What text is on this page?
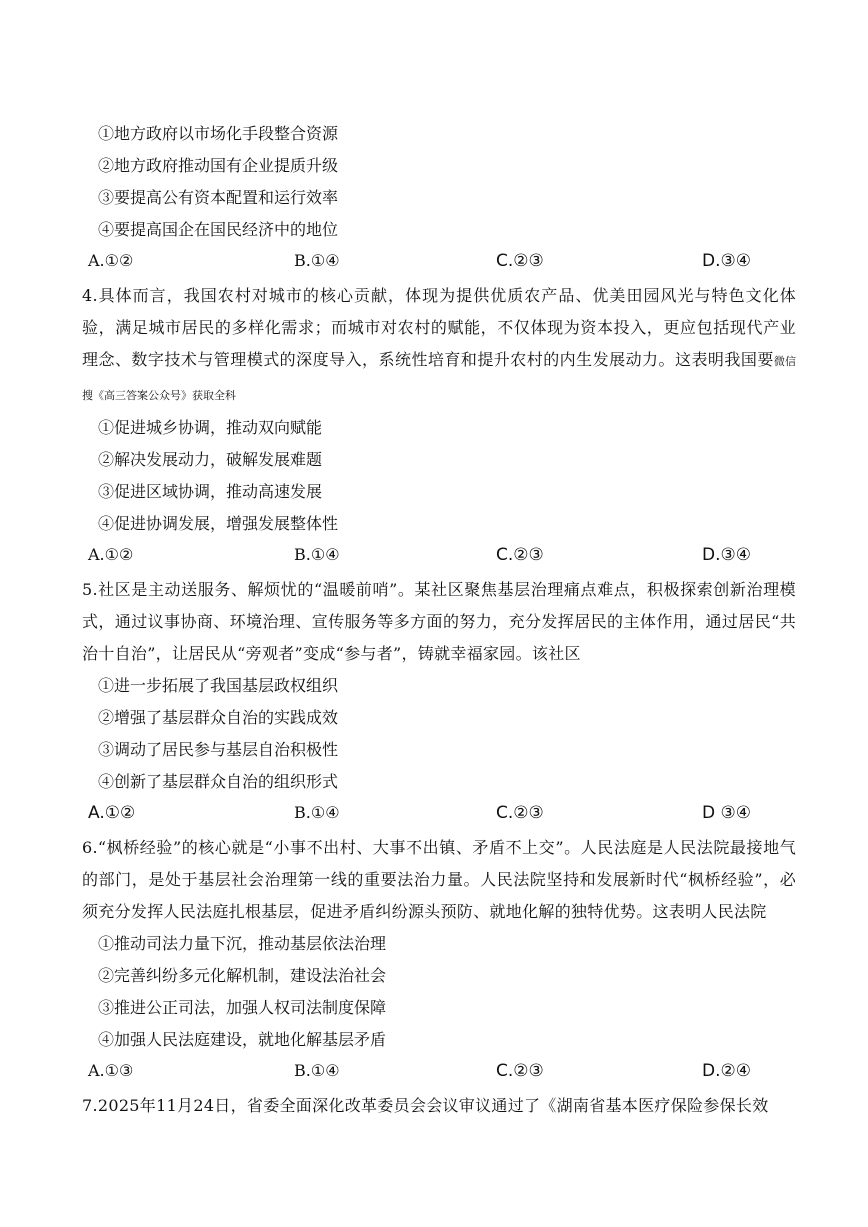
①地方政府以市场化手段整合资源
②地方政府推动国有企业提质升级
③要提高公有资本配置和运行效率
④要提高国企在国民经济中的地位
A.①②	B.①④	C.②③	D.③④
4.具体而言，我国农村对城市的核心贡献，体现为提供优质农产品、优美田园风光与特色文化体验，满足城市居民的多样化需求；而城市对农村的赋能，不仅体现为资本投入，更应包括现代产业理念、数字技术与管理模式的深度导入，系统性培育和提升农村的内生发展动力。这表明我国要微信搜《高三答案公众号》获取全科
①促进城乡协调，推动双向赋能
②解决发展动力，破解发展难题
③促进区域协调，推动高速发展
④促进协调发展，增强发展整体性
A.①②	B.①④	C.②③	D.③④
5.社区是主动送服务、解烦忧的“温暖前哨”。某社区聚焦基层治理痛点难点，积极探索创新治理模式，通过议事协商、环境治理、宣传服务等多方面的努力，充分发挥居民的主体作用，通过居民“共治十自治”，让居民从“旁观者”变成“参与者”，铸就幸福家园。该社区
①进一步拓展了我国基层政权组织
②增强了基层群众自治的实践成效
③调动了居民参与基层自治积极性
④创新了基层群众自治的组织形式
A.①②	B.①④	C.②③	D ③④
6.“枫桥经验”的核心就是“小事不出村、大事不出镇、矛盾不上交”。人民法庭是人民法院最接地气的部门，是处于基层社会治理第一线的重要法治力量。人民法院坚持和发展新时代“枫桥经验”，必须充分发挥人民法庭扎根基层，促进矛盾纠纷源头预防、就地化解的独特优势。这表明人民法院
①推动司法力量下沉，推动基层依法治理
②完善纠纷多元化解机制，建设法治社会
③推进公正司法，加强人权司法制度保障
④加强人民法庭建设，就地化解基层矛盾
A.①③	B.①④	C.②③	D.②④
7.2025年11月24日，省委全面深化改革委员会会议审议通过了《湖南省基本医疗保险参保长效
